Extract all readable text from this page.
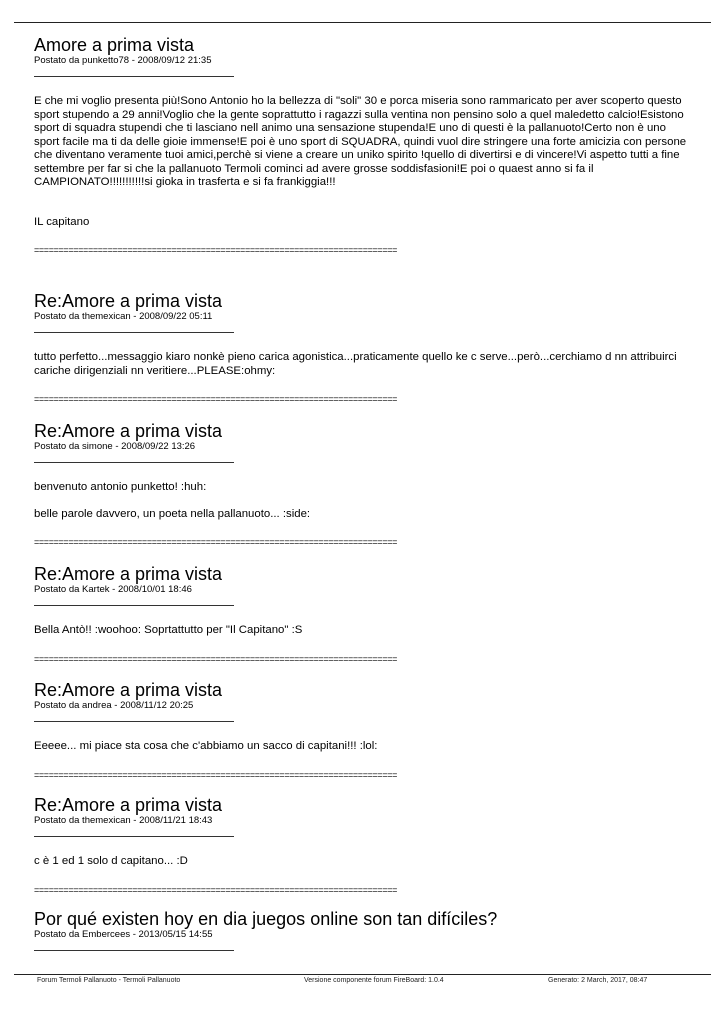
Amore a prima vista
Postato da punketto78 - 2008/09/12 21:35

E che mi voglio presenta più!Sono Antonio ho la bellezza di "soli" 30 e porca miseria sono rammaricato per aver scoperto questo sport stupendo a 29 anni!Voglio che la gente soprattutto i ragazzi sulla ventina non pensino solo a quel maledetto calcio!Esistono sport di squadra stupendi che ti lasciano nell animo una sensazione stupenda!E uno di questi è la pallanuoto!Certo non è uno sport facile ma ti da delle gioie immense!E poi è uno sport di SQUADRA, quindi vuol dire stringere una forte amicizia con persone che diventano veramente tuoi amici,perchè si viene a creare un uniko spirito !quello di divertirsi e di vincere!Vi aspetto tutti a fine settembre per far si che la pallanuoto Termoli cominci ad avere grosse soddisfasioni!E poi o quaest anno si fa il CAMPIONATO!!!!!!!!!!!si gioka in trasferta e si fa frankiggia!!!

IL capitano

==========================================================================
Re:Amore a prima vista
Postato da themexican - 2008/09/22 05:11

tutto perfetto...messaggio kiaro nonkè pieno carica agonistica...praticamente quello ke c serve...però...cerchiamo d nn attribuirci cariche dirigenziali nn veritiere...PLEASE:ohmy:

==========================================================================
Re:Amore a prima vista
Postato da simone - 2008/09/22 13:26

benvenuto antonio punketto! :huh:

belle parole davvero, un poeta nella pallanuoto... :side:

==========================================================================
Re:Amore a prima vista
Postato da Kartek - 2008/10/01 18:46

Bella Antò!! :woohoo: Soprtattutto per "Il Capitano" :S

==========================================================================
Re:Amore a prima vista
Postato da andrea - 2008/11/12 20:25

Eeeee... mi piace sta cosa che c'abbiamo un sacco di capitani!!! :lol:

==========================================================================
Re:Amore a prima vista
Postato da themexican - 2008/11/21 18:43

c è 1 ed 1 solo d capitano... :D

==========================================================================
Por qué existen hoy en dia juegos online son tan difíciles?
Postato da Embercees - 2013/05/15 14:55
Forum Termoli Pallanuoto - Termoli Pallanuoto	Versione componente forum FireBoard: 1.0.4	Generato: 2 March, 2017, 08:47
